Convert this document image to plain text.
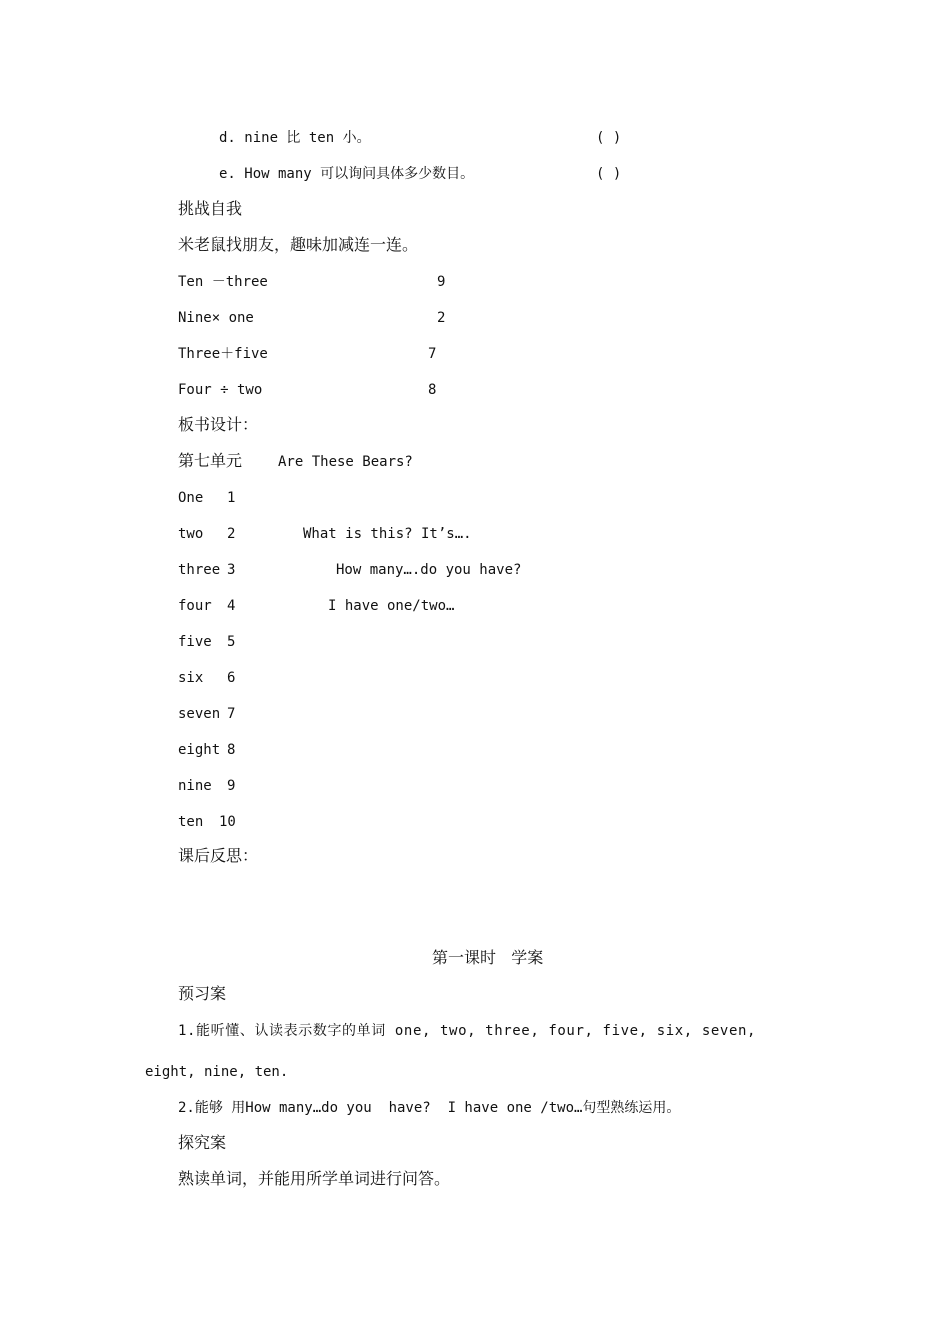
d. nine 比 ten 小。	( )
e. How many 可以询问具体多少数目。	( )
挑战自我
米老鼠找朋友，趣味加减连一连。
Ten －three	9
Nine× one	2
Three＋five	7
Four ÷ two	8
板书设计：
第七单元	Are These Bears?
One 1
two 2
three 3
four 4
five 5
six 6
seven 7
eight 8
nine 9
ten 10
What is this? It’s….
How many….do you have?
I have one/two…
课后反思：
第一课时   学案
预习案
1.能听懂、认读表示数字的单词 one, two, three, four, five, six, seven,
eight, nine, ten.
2.能够 用How many…do you  have?  I have one /two…句型熟练运用。
探究案
熟读单词，并能用所学单词进行问答。
